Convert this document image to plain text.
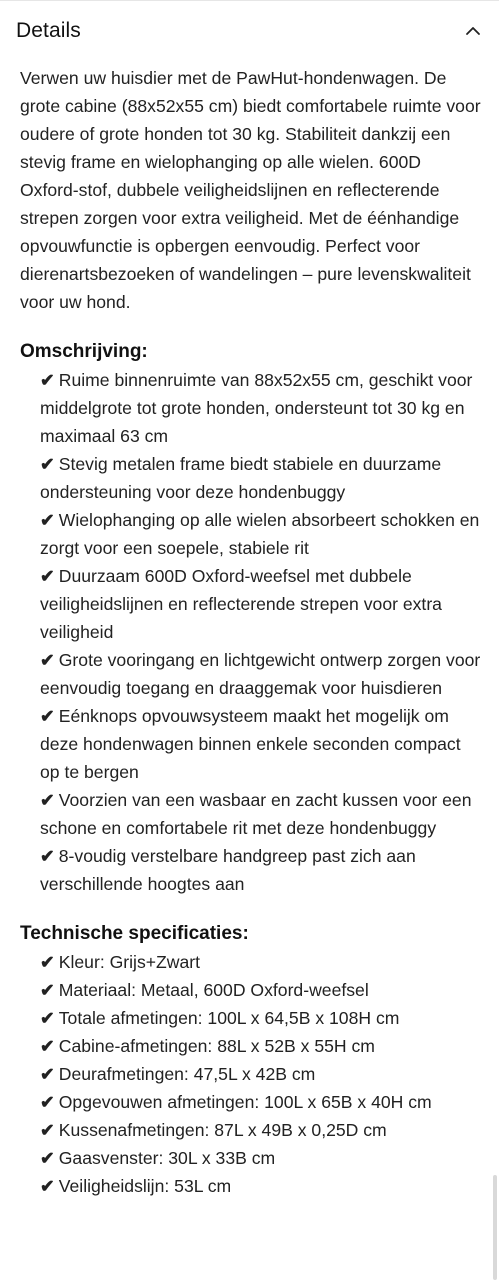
Details

Verwen uw huisdier met de PawHut-hondenwagen. De grote cabine (88x52x55 cm) biedt comfortabele ruimte voor oudere of grote honden tot 30 kg. Stabiliteit dankzij een stevig frame en wielophanging op alle wielen. 600D Oxford-stof, dubbele veiligheidslijnen en reflecterende strepen zorgen voor extra veiligheid. Met de éénhandige opvouwfunctie is opbergen eenvoudig. Perfect voor dierenartsbezoeken of wandelingen – pure levenskwaliteit voor uw hond.

Omschrijving:
✔ Ruime binnenruimte van 88x52x55 cm, geschikt voor middelgrote tot grote honden, ondersteunt tot 30 kg en maximaal 63 cm
✔ Stevig metalen frame biedt stabiele en duurzame ondersteuning voor deze hondenbuggy
✔ Wielophanging op alle wielen absorbeert schokken en zorgt voor een soepele, stabiele rit
✔ Duurzaam 600D Oxford-weefsel met dubbele veiligheidslijnen en reflecterende strepen voor extra veiligheid
✔ Grote vooringang en lichtgewicht ontwerp zorgen voor eenvoudig toegang en draaggemak voor huisdieren
✔ Eénknops opvouwsysteem maakt het mogelijk om deze hondenwagen binnen enkele seconden compact op te bergen
✔ Voorzien van een wasbaar en zacht kussen voor een schone en comfortabele rit met deze hondenbuggy
✔ 8-voudig verstelbare handgreep past zich aan verschillende hoogtes aan
Technische specificaties:
✔ Kleur: Grijs+Zwart
✔ Materiaal: Metaal, 600D Oxford-weefsel
✔ Totale afmetingen: 100L x 64,5B x 108H cm
✔ Cabine-afmetingen: 88L x 52B x 55H cm
✔ Deurafmetingen: 47,5L x 42B cm
✔ Opgevouwen afmetingen: 100L x 65B x 40H cm
✔ Kussenafmetingen: 87L x 49B x 0,25D cm
✔ Gaasvenster: 30L x 33B cm
✔ Veiligheidslijn: 53L cm
